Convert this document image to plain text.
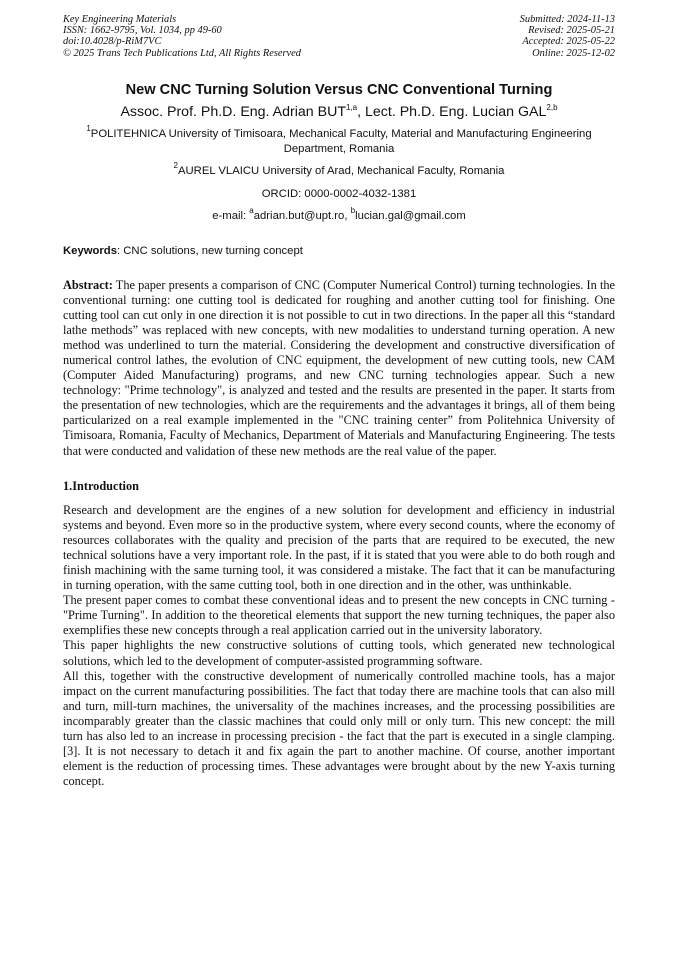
Key Engineering Materials
ISSN: 1662-9795, Vol. 1034, pp 49-60
doi:10.4028/p-RiM7VC
© 2025 Trans Tech Publications Ltd, All Rights Reserved
Submitted: 2024-11-13
Revised: 2025-05-21
Accepted: 2025-05-22
Online: 2025-12-02
New CNC Turning Solution Versus CNC Conventional Turning
Assoc. Prof. Ph.D. Eng. Adrian BUT$^{1,a}$, Lect. Ph.D. Eng. Lucian GAL$^{2,b}$
$^1$POLITEHNICA University of Timisoara, Mechanical Faculty, Material and Manufacturing Engineering Department, Romania
$^2$AUREL VLAICU University of Arad, Mechanical Faculty, Romania
ORCID: 0000-0002-4032-1381
e-mail: $^a$adrian.but@upt.ro, $^b$lucian.gal@gmail.com
Keywords: CNC solutions, new turning concept
Abstract: The paper presents a comparison of CNC (Computer Numerical Control) turning technologies. In the conventional turning: one cutting tool is dedicated for roughing and another cutting tool for finishing. One cutting tool can cut only in one direction it is not possible to cut in two directions. In the paper all this “standard lathe methods” was replaced with new concepts, with new modalities to understand turning operation. A new method was underlined to turn the material. Considering the development and constructive diversification of numerical control lathes, the evolution of CNC equipment, the development of new cutting tools, new CAM (Computer Aided Manufacturing) programs, and new CNC turning technologies appear. Such a new technology: "Prime technology", is analyzed and tested and the results are presented in the paper. It starts from the presentation of new technologies, which are the requirements and the advantages it brings, all of them being particularized on a real example implemented in the "CNC training center” from Politehnica University of Timisoara, Romania, Faculty of Mechanics, Department of Materials and Manufacturing Engineering. The tests that were conducted and validation of these new methods are the real value of the paper.
1.Introduction

Research and development are the engines of a new solution for development and efficiency in industrial systems and beyond. Even more so in the productive system, where every second counts, where the economy of resources collaborates with the quality and precision of the parts that are required to be executed, the new technical solutions have a very important role. In the past, if it is stated that you were able to do both rough and finish machining with the same turning tool, it was considered a mistake. The fact that it can be manufacturing in turning operation, with the same cutting tool, both in one direction and in the other, was unthinkable.

The present paper comes to combat these conventional ideas and to present the new concepts in CNC turning - "Prime Turning". In addition to the theoretical elements that support the new turning techniques, the paper also exemplifies these new concepts through a real application carried out in the university laboratory.

This paper highlights the new constructive solutions of cutting tools, which generated new technological solutions, which led to the development of computer-assisted programming software.

All this, together with the constructive development of numerically controlled machine tools, has a major impact on the current manufacturing possibilities. The fact that today there are machine tools that can also mill and turn, mill-turn machines, the universality of the machines increases, and the processing possibilities are incomparably greater than the classic machines that could only mill or only turn. This new concept: the mill turn has also led to an increase in processing precision - the fact that the part is executed in a single clamping. [3]. It is not necessary to detach it and fix again the part to another machine. Of course, another important element is the reduction of processing times. These advantages were brought about by the new Y-axis turning concept.
